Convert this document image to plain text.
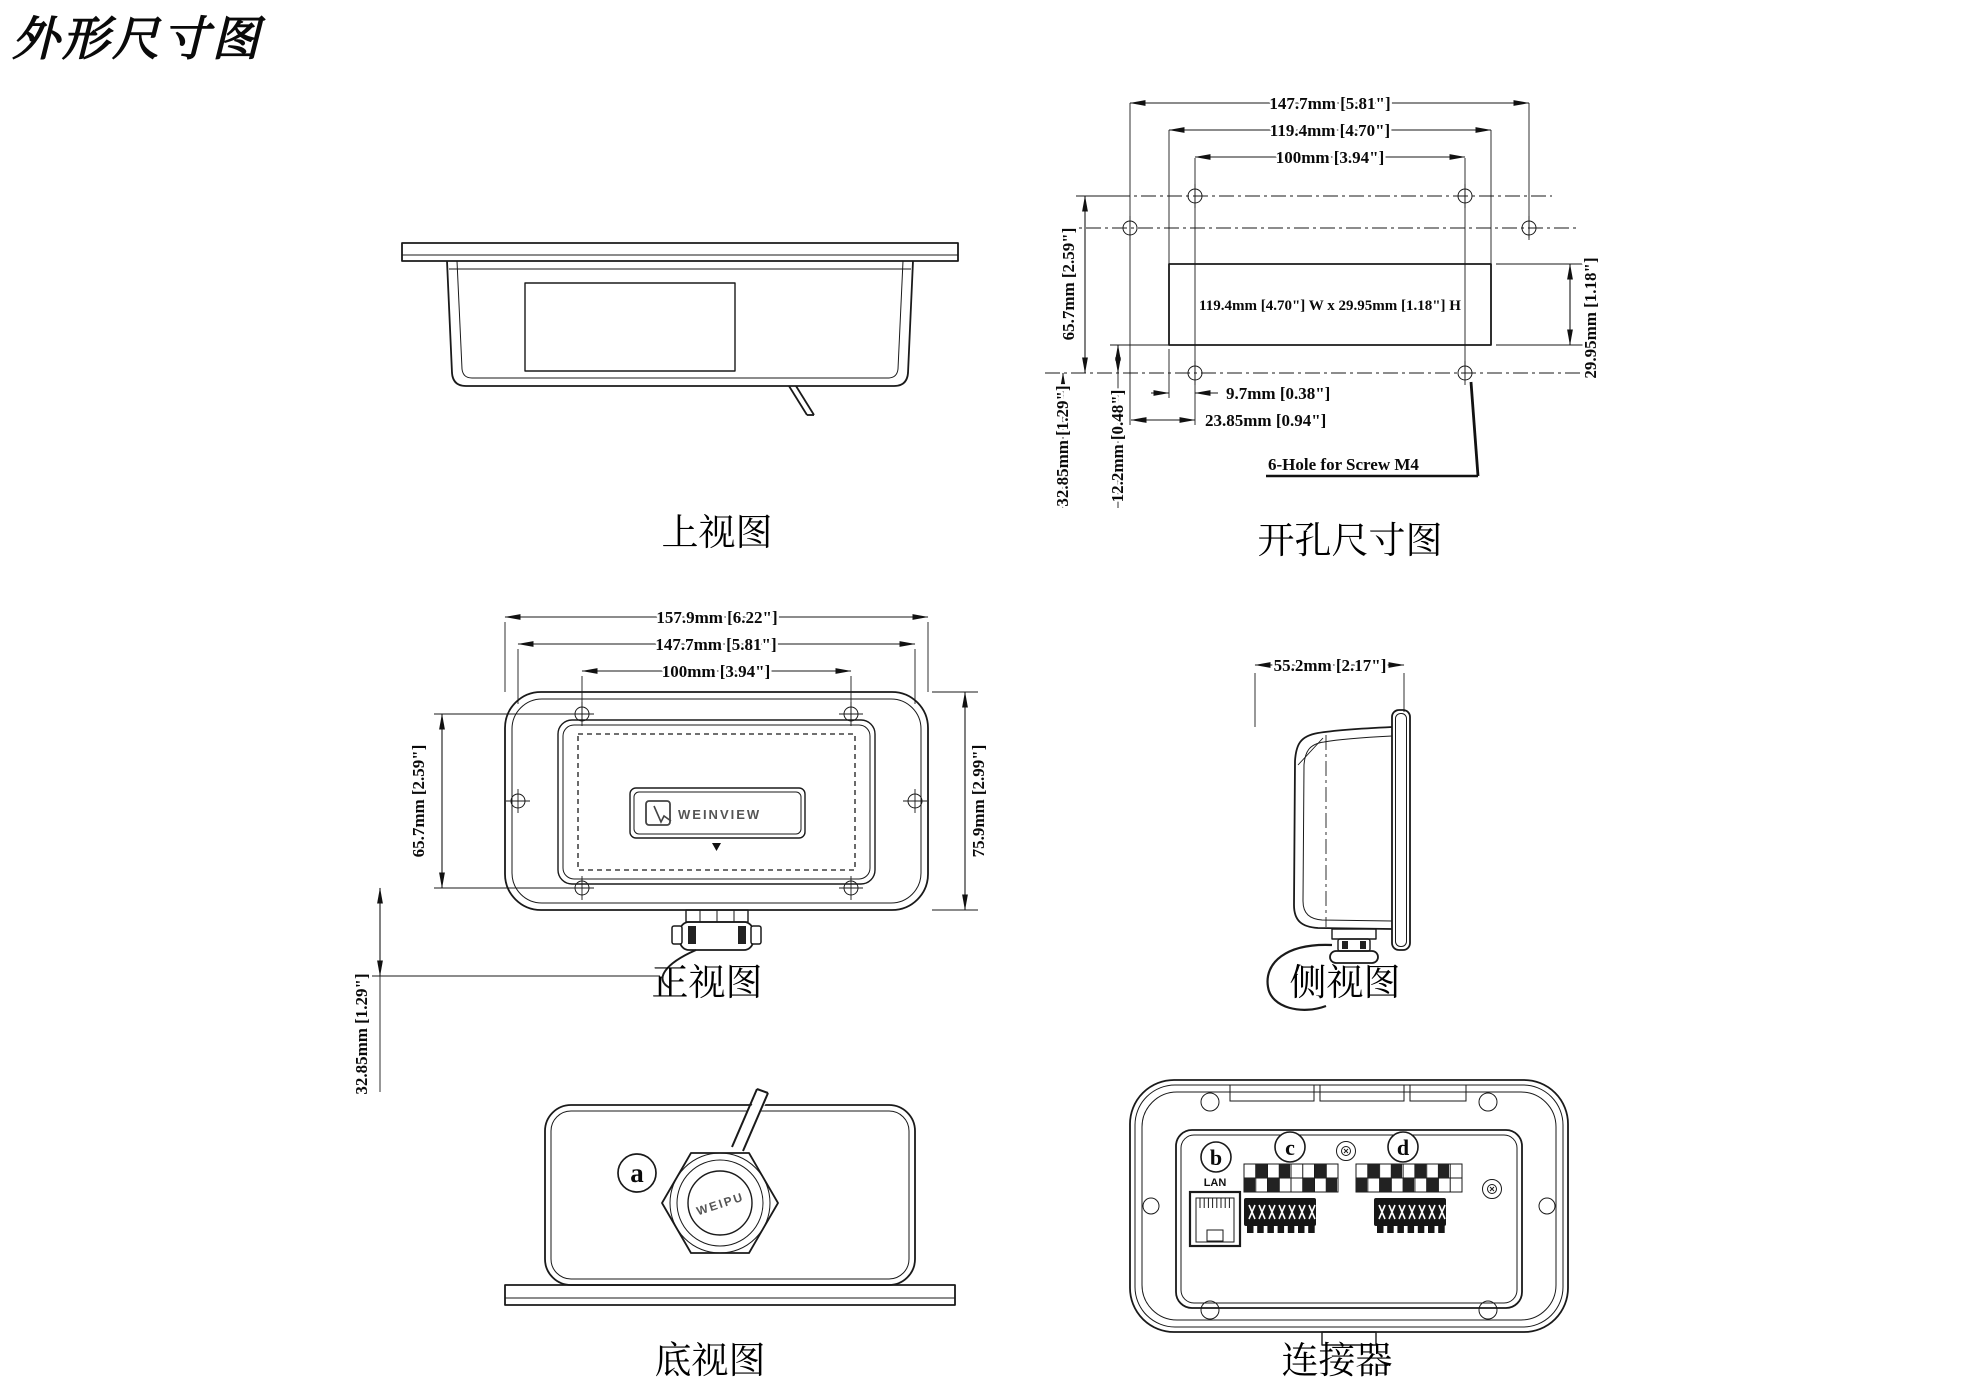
外形尺寸图
119.4mm [4.70"] W x 29.95mm [1.18"] H
147.7mm [5.81"]
119.4mm [4.70"]
100mm [3.94"]
65.7mm [2.59"]
32.85mm [1.29"] 12.2mm [0.48"]	9.7mm [0.38"]
23.85mm [0.94"]
6-Hole for Screw M4
29.95mm [1.18"]
WEINVIEW
157.9mm [6.22"]
147.7mm [5.81"]
100mm [3.94"]
65.7mm [2.59"]
32.85mm [1.29"]
75.9mm [2.99"]
55.2mm [2.17"]
a
WEIPU
b
LAN
c	d
上视图	开孔尺寸图
正视图	侧视图
底视图	连接器
